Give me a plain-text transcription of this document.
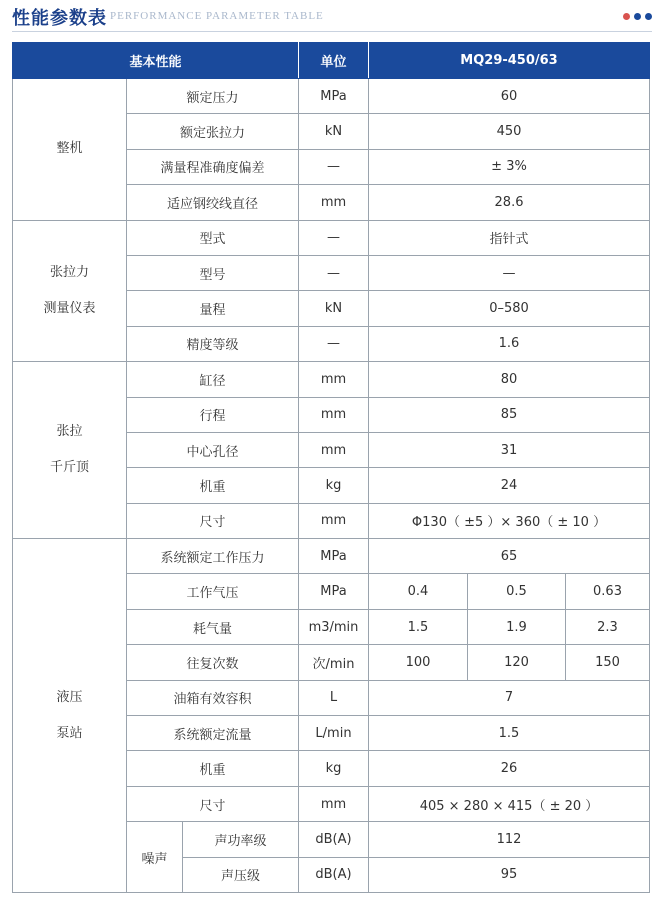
性能参数表 PERFORMANCE PARAMETER TABLE
基本性能			单位	MQ29-450/63		

整机	额定压力		MPa	60		
	额定张拉力		kN	450		
	满量程准确度偏差		—	± 3%		
	适应钢绞线直径		mm	28.6		

张拉力
测量仪表	型式		—	指针式		
	型号		—	—		
	量程		kN	0–580		
	精度等级		—	1.6		

张拉
千斤顶	缸径		mm	80		
	行程		mm	85		
	中心孔径		mm	31		
	机重		kg	24		
	尺寸		mm	Φ130（ ±5 ）× 360（ ± 10 ）		

液压
泵站	系统额定工作压力		MPa	65		
	工作气压		MPa	0.4	0.5	0.63
	耗气量		m3/min	1.5	1.9	2.3
	往复次数		次/min	100	120	150
	油箱有效容积		L	7		
	系统额定流量		L/min	1.5		
	机重		kg	26		
	尺寸		mm	405 × 280 × 415（ ± 20 ）		
	噪声	声功率级	dB(A)	112		
		声压级	dB(A)	95		
